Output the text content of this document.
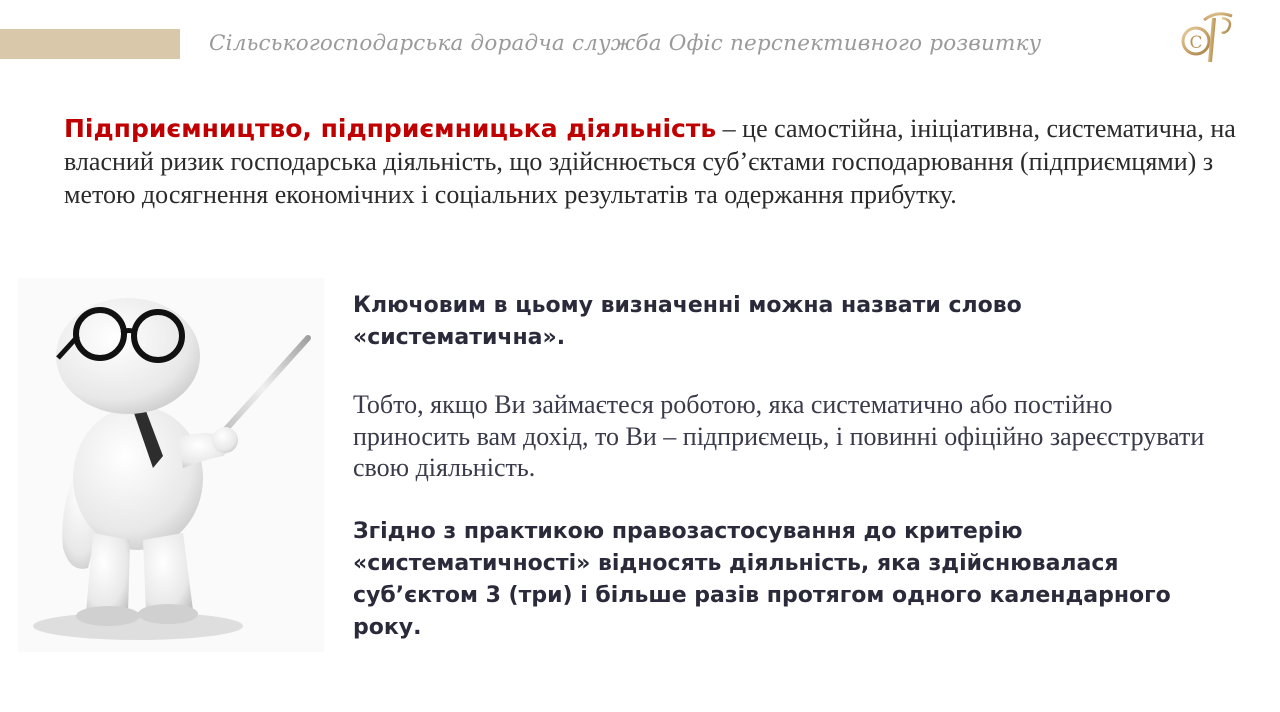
Сільськогосподарська дорадча служба Офіс перспективного розвитку	C
Підприємництво, підприємницька діяльність – це самостійна, ініціативна, систематична, на власний ризик господарська діяльність, що здійснюється суб’єктами господарювання (підприємцями) з метою досягнення економічних і соціальних результатів та одержання прибутку.

Ключовим в цьому визначенні можна назвати слово «систематична».

Тобто, якщо Ви займаєтеся роботою, яка систематично або постійно приносить вам дохід, то Ви – підприємець, і повинні офіційно зареєструвати свою діяльність.

Згідно з практикою правозастосування до критерію «систематичності» відносять діяльність, яка здійснювалася суб’єктом 3 (три) і більше разів протягом одного календарного року.
